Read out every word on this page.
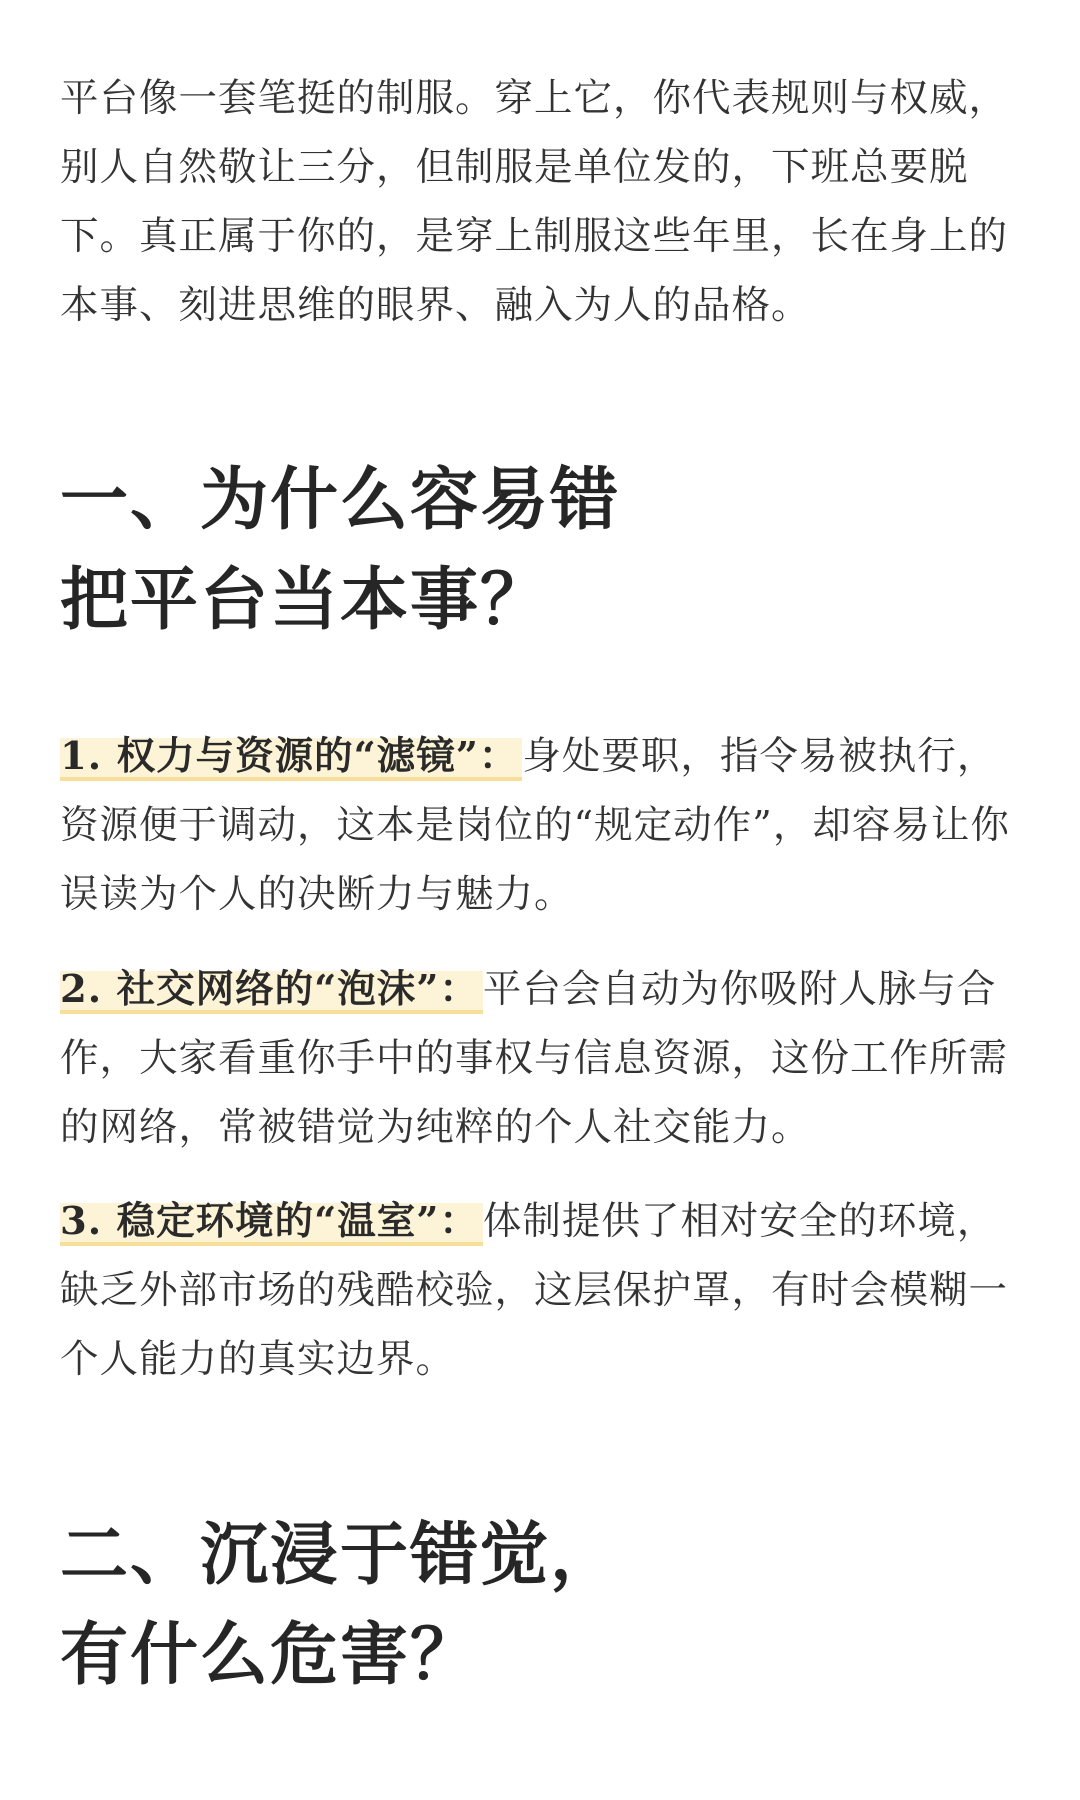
平台像一套笔挺的制服。穿上它，你代表规则与权威，别人自然敬让三分，但制服是单位发的，下班总要脱下。真正属于你的，是穿上制服这些年里，长在身上的本事、刻进思维的眼界、融入为人的品格。

一、为什么容易错
把平台当本事？

1. 权力与资源的“滤镜”： 身处要职，指令易被执行，资源便于调动，这本是岗位的“规定动作”，却容易让你误读为个人的决断力与魅力。

2. 社交网络的“泡沫”： 平台会自动为你吸附人脉与合作，大家看重你手中的事权与信息资源，这份工作所需的网络，常被错觉为纯粹的个人社交能力。

3. 稳定环境的“温室”： 体制提供了相对安全的环境，缺乏外部市场的残酷校验，这层保护罩，有时会模糊一个人能力的真实边界。

二、沉浸于错觉，
有什么危害？
